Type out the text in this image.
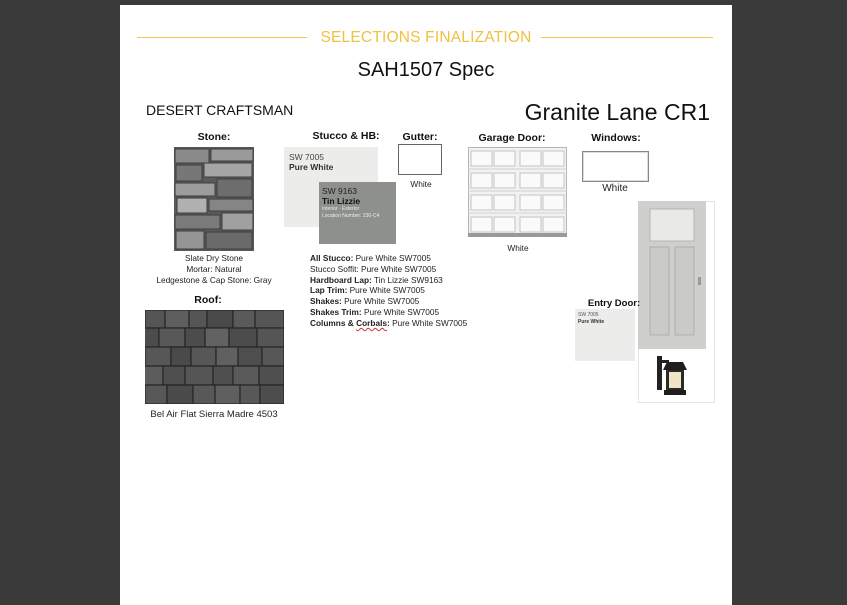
SELECTIONS FINALIZATION
SAH1507 Spec
DESERT CRAFTSMAN	Granite Lane CR1
Stone:
Slate Dry Stone
Mortar: Natural
Ledgestone & Cap Stone: Gray
Roof:
Bel Air Flat Sierra Madre 4503
Stucco & HB:
SW 7005
Pure White
SW 9163
Tin Lizzie
Interior · Exterior
Location Number: 236-C4
All Stucco: Pure White SW7005
Stucco Soffit: Pure White SW7005
Hardboard Lap: Tin Lizzie SW9163
Lap Trim: Pure White SW7005
Shakes: Pure White SW7005
Shakes Trim: Pure White SW7005
Columns & Corbals: Pure White SW7005
Gutter:
White
Garage Door:
White
Windows:
White
Entry Door:
SW 7005
Pure White
